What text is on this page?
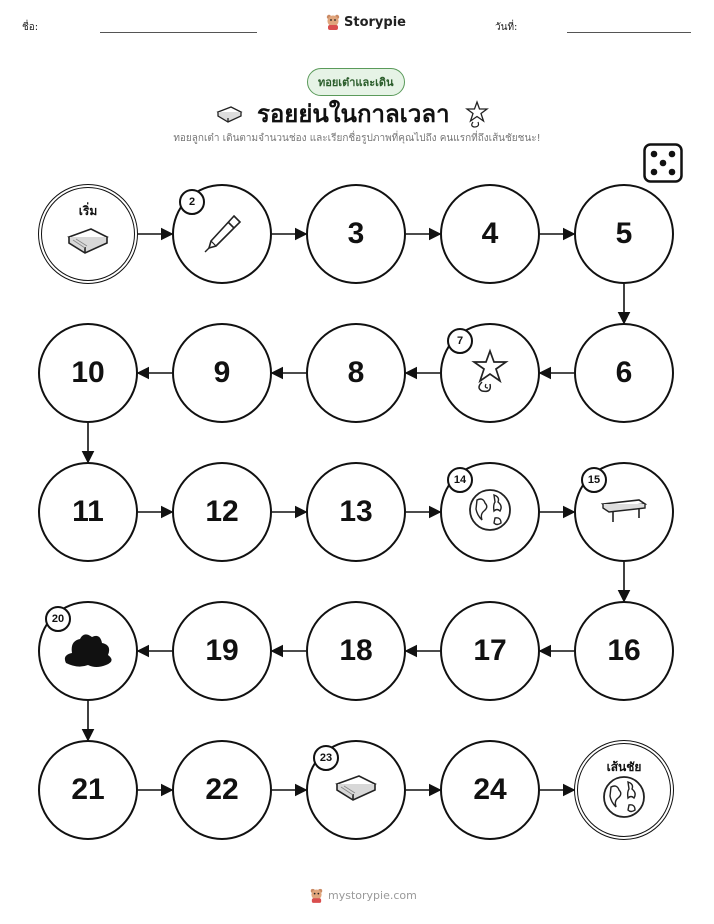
ชื่อ:	Storypie	วันที่:
ทอยเต๋าและเดิน
รอยย่นในกาลเวลา
ทอยลูกเต๋า เดินตามจำนวนช่อง และเรียกชื่อรูปภาพที่คุณไปถึง คนแรกที่ถึงเส้นชัยชนะ!
เริ่ม
2
3	4	5
6
7
8
9
10
11	12	13
14	15
16
17
18
19
20
21	22
23
24
เส้นชัย
mystorypie.com
